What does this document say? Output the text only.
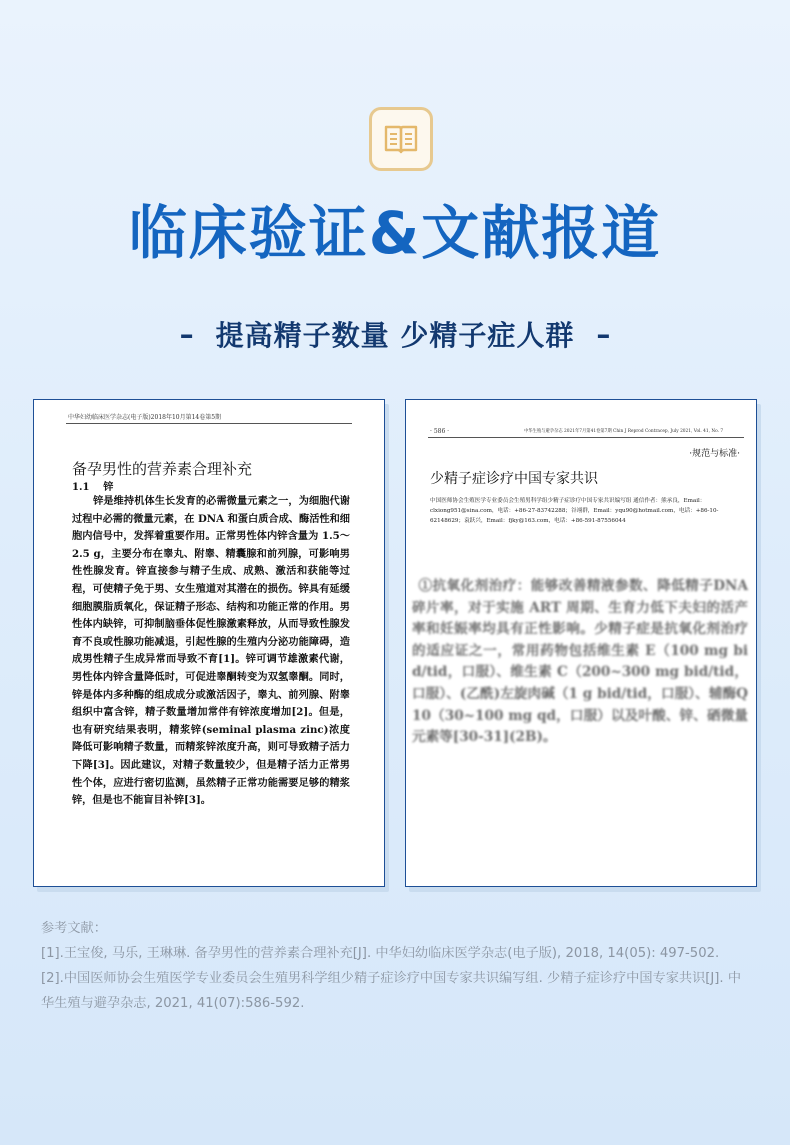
临床验证&文献报道
– 提高精子数量 少精子症人群 –
中华妇幼临床医学杂志(电子版)2018年10月第14卷第5期
备孕男性的营养素合理补充
1.1 锌
锌是维持机体生长发育的必需微量元素之一，为细胞代谢过程中必需的微量元素，在 DNA 和蛋白质合成、酶活性和细胞内信号中，发挥着重要作用。正常男性体内锌含量为 1.5～2.5 g，主要分布在睾丸、附睾、精囊腺和前列腺，可影响男性性腺发育。锌直接参与精子生成、成熟、激活和获能等过程，可使精子免于男、女生殖道对其潜在的损伤。锌具有延缓细胞膜脂质氧化，保证精子形态、结构和功能正常的作用。男性体内缺锌，可抑制脑垂体促性腺激素释放，从而导致性腺发育不良或性腺功能减退，引起性腺的生殖内分泌功能障碍，造成男性精子生成异常而导致不育[1]。锌可调节雄激素代谢，男性体内锌含量降低时，可促进睾酮转变为双氢睾酮。同时，锌是体内多种酶的组成成分或激活因子，睾丸、前列腺、附睾组织中富含锌，精子数量增加常伴有锌浓度增加[2]。但是，也有研究结果表明，精浆锌(seminal plasma zinc)浓度降低可影响精子数量，而精浆锌浓度升高，则可导致精子活力下降[3]。因此建议，对精子数量较少，但是精子活力正常男性个体，应进行密切监测，虽然精子正常功能需要足够的精浆锌，但是也不能盲目补锌[3]。
· 586 ·	中华生殖与避孕杂志 2021年7月第41卷第7期 Chin J Reprod Contracep, July 2021, Vol. 41, No. 7
·规范与标准·
少精子症诊疗中国专家共识
中国医师协会生殖医学专业委员会生殖男科学组少精子症诊疗中国专家共识编写组 通信作者：熊承良，Email：clxiong951@sina.com，电话：+86-27-83742288；谷翊群，Email：yqu90@hotmail.com，电话：+86-10-62148629；袁跃兴，Email：fjky@163.com，电话：+86-591-87556044
①抗氧化剂治疗：能够改善精液参数、降低精子DNA 碎片率，对于实施 ART 周期、生育力低下夫妇的活产率和妊娠率均具有正性影响。少精子症是抗氧化剂治疗的适应证之一，常用药物包括维生素 E（100 mg bid/tid，口服）、维生素 C（200~300 mg bid/tid，口服）、(乙酰)左旋肉碱（1 g bid/tid，口服）、辅酶Q10（30~100 mg qd，口服）以及叶酸、锌、硒微量元素等[30-31](2B)。
参考文献：
[1].王宝俊, 马乐, 王琳琳. 备孕男性的营养素合理补充[J]. 中华妇幼临床医学杂志(电子版), 2018, 14(05): 497-502.
[2].中国医师协会生殖医学专业委员会生殖男科学组少精子症诊疗中国专家共识编写组. 少精子症诊疗中国专家共识[J]. 中华生殖与避孕杂志, 2021, 41(07):586-592.
